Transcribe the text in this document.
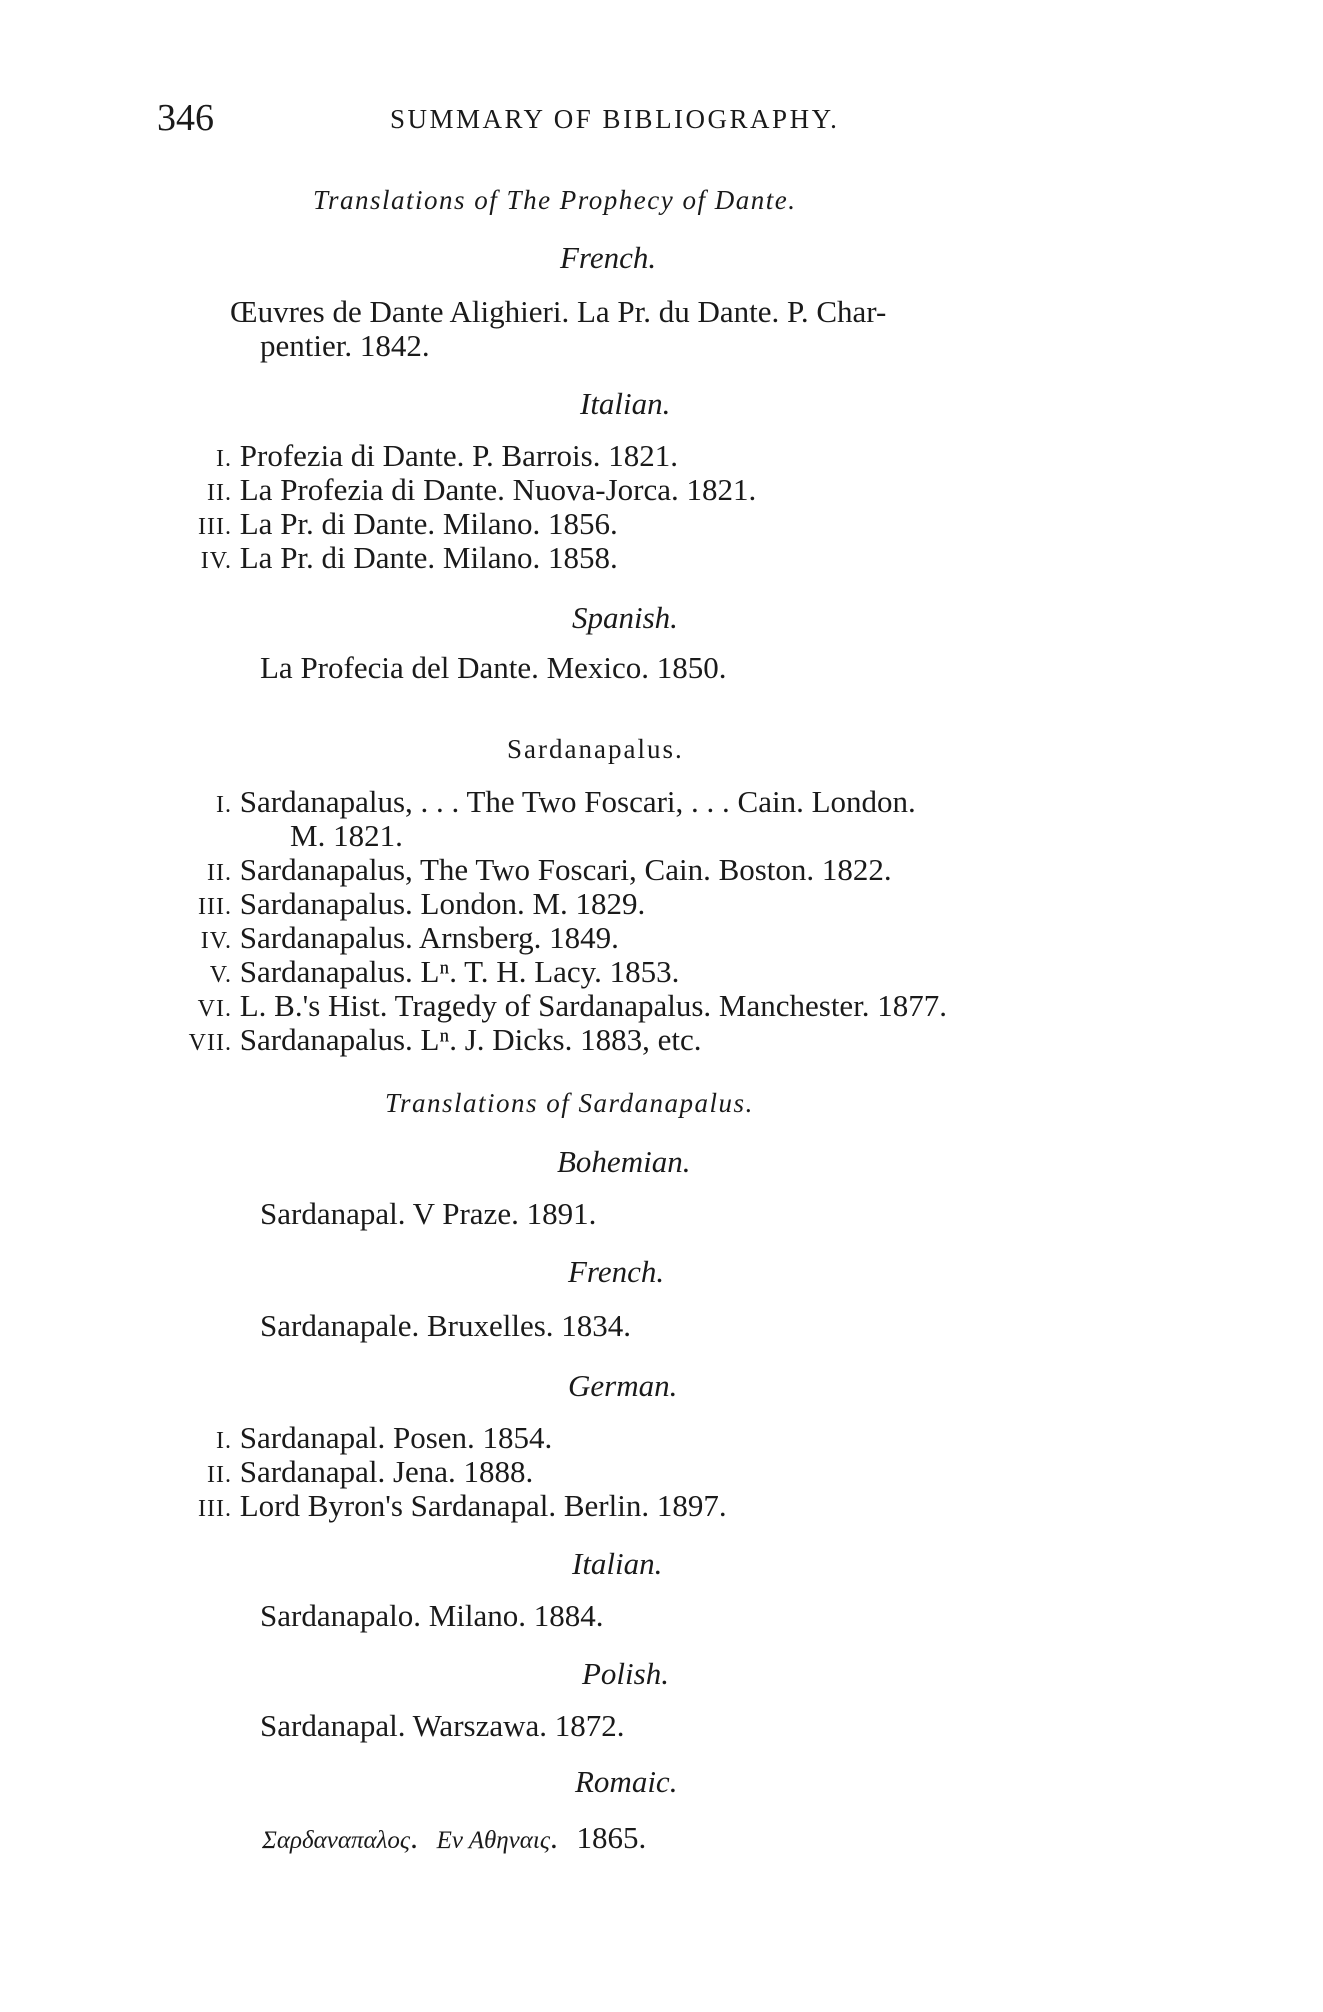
346	SUMMARY OF BIBLIOGRAPHY.
Translations of The Prophecy of Dante.
French.
Œuvres de Dante Alighieri. La Pr. du Dante. P. Char-
pentier. 1842.
Italian.
I. Profezia di Dante. P. Barrois. 1821.
II. La Profezia di Dante. Nuova-Jorca. 1821.
III. La Pr. di Dante. Milano. 1856.
IV. La Pr. di Dante. Milano. 1858.
Spanish.
La Profecia del Dante. Mexico. 1850.
Sardanapalus.
I. Sardanapalus, . . . The Two Foscari, . . . Cain. London.
M. 1821.
II. Sardanapalus, The Two Foscari, Cain. Boston. 1822.
III. Sardanapalus. London. M. 1829.
IV. Sardanapalus. Arnsberg. 1849.
V. Sardanapalus. Lⁿ. T. H. Lacy. 1853.
VI. L. B.'s Hist. Tragedy of Sardanapalus. Manchester. 1877.
VII. Sardanapalus. Lⁿ. J. Dicks. 1883, etc.
Translations of Sardanapalus.
Bohemian.
Sardanapal. V Praze. 1891.
French.
Sardanapale. Bruxelles. 1834.
German.
I. Sardanapal. Posen. 1854.
II. Sardanapal. Jena. 1888.
III. Lord Byron's Sardanapal. Berlin. 1897.
Italian.
Sardanapalo. Milano. 1884.
Polish.
Sardanapal. Warszawa. 1872.
Romaic.
Σαρδαναπαλος. Εν Αθηναις. 1865.
